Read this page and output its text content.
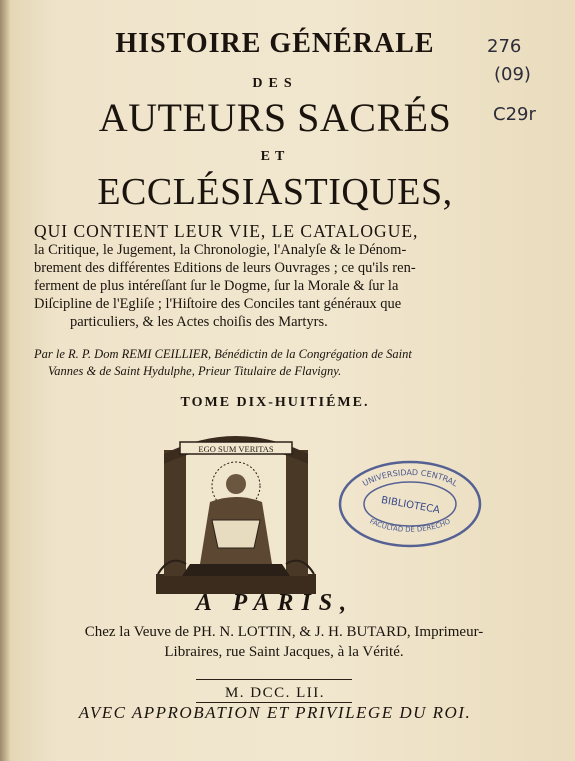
HISTOIRE GÉNÉRALE
DES
AUTEURS SACRÉS
ET
ECCLÉSIASTIQUES,
QUI CONTIENT LEUR VIE, LE CATALOGUE,
la Critique, le Jugement, la Chronologie, l'Analyſe & le Dénom-
brement des différentes Editions de leurs Ouvrages ; ce qu'ils ren-
ferment de plus intéreſſant ſur le Dogme, ſur la Morale & ſur la
Diſcipline de l'Egliſe ; l'Hiſtoire des Conciles tant généraux que
particuliers, & les Actes choiſis des Martyrs.
Par le R. P. Dom REMI CEILLIER, Bénédictin de la Congrégation de Saint
Vannes & de Saint Hydulphe, Prieur Titulaire de Flavigny.
TOME DIX-HUITIÉME.
EGO SUM VERITAS
UNIVERSIDAD CENTRAL
BIBLIOTECA
FACULTAD DE DERECHO
A PARIS,
Chez la Veuve de PH. N. LOTTIN, & J. H. BUTARD, Imprimeur-
Libraires, rue Saint Jacques, à la Vérité.
M. DCC. LII.
AVEC APPROBATION ET PRIVILEGE DU ROI.
276
(09)
C29r
